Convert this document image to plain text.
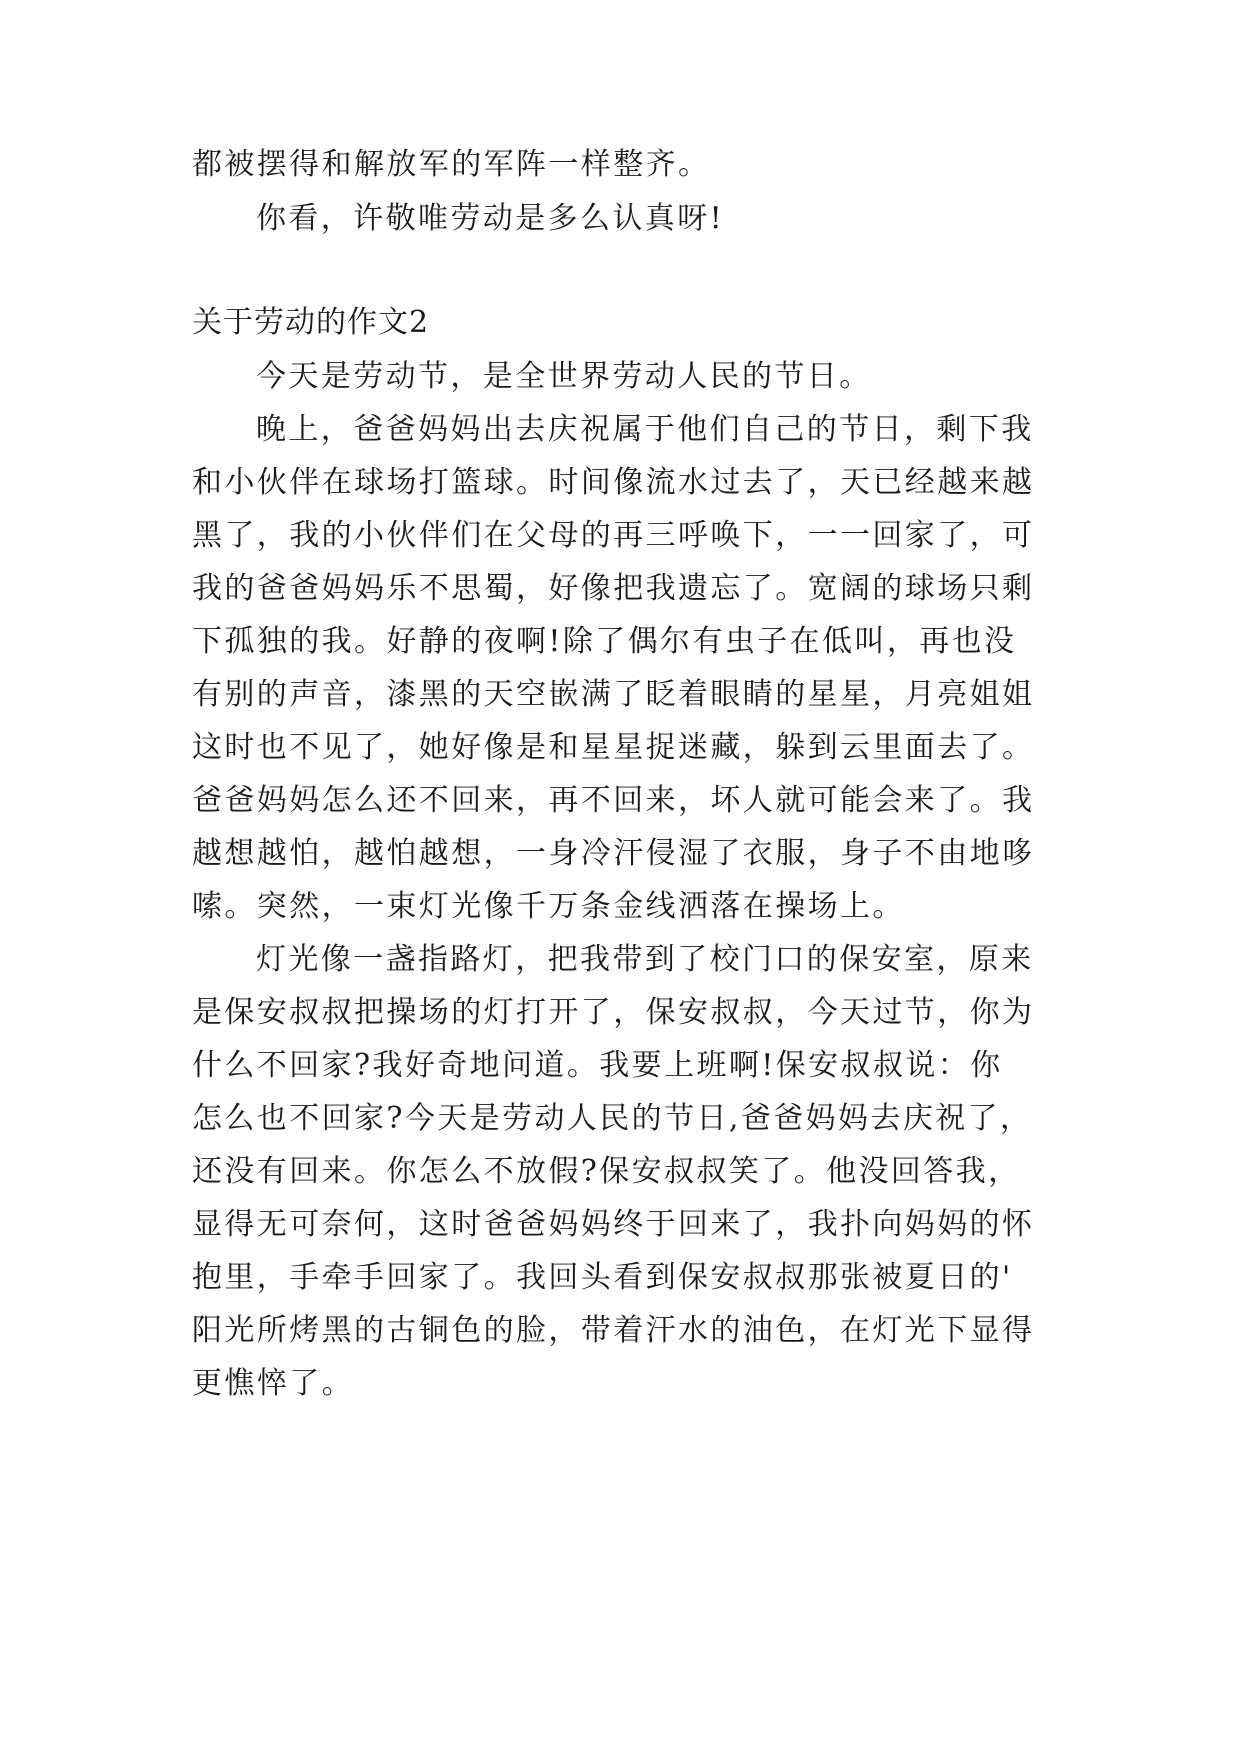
都被摆得和解放军的军阵一样整齐。
你看，许敬唯劳动是多么认真呀!
关于劳动的作文2
今天是劳动节，是全世界劳动人民的节日。
晚上，爸爸妈妈出去庆祝属于他们自己的节日，剩下我
和小伙伴在球场打篮球。时间像流水过去了，天已经越来越
黑了，我的小伙伴们在父母的再三呼唤下，一一回家了，可
我的爸爸妈妈乐不思蜀，好像把我遗忘了。宽阔的球场只剩
下孤独的我。好静的夜啊!除了偶尔有虫子在低叫，再也没
有别的声音，漆黑的天空嵌满了眨着眼睛的星星，月亮姐姐
这时也不见了，她好像是和星星捉迷藏，躲到云里面去了。
爸爸妈妈怎么还不回来，再不回来，坏人就可能会来了。我
越想越怕，越怕越想，一身冷汗侵湿了衣服，身子不由地哆
嗦。突然，一束灯光像千万条金线洒落在操场上。
灯光像一盏指路灯，把我带到了校门口的保安室，原来
是保安叔叔把操场的灯打开了，保安叔叔，今天过节，你为
什么不回家?我好奇地问道。我要上班啊!保安叔叔说：你
怎么也不回家?今天是劳动人民的节日,爸爸妈妈去庆祝了，
还没有回来。你怎么不放假?保安叔叔笑了。他没回答我，
显得无可奈何，这时爸爸妈妈终于回来了，我扑向妈妈的怀
抱里，手牵手回家了。我回头看到保安叔叔那张被夏日的'
阳光所烤黑的古铜色的脸，带着汗水的油色，在灯光下显得
更憔悴了。
